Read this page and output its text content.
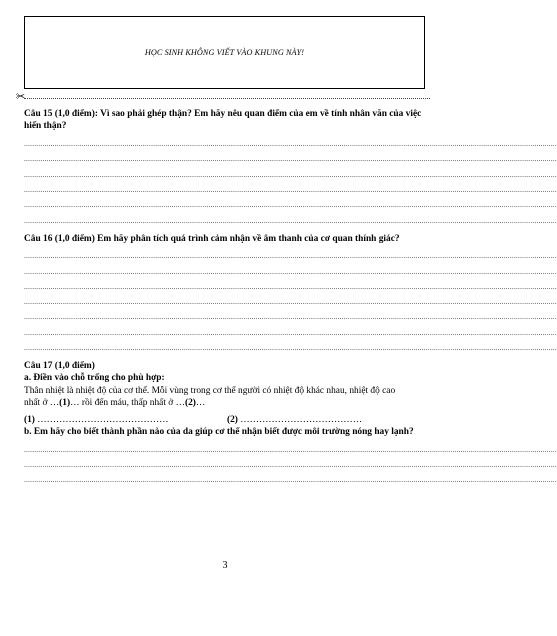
HỌC SINH KHÔNG VIẾT VÀO KHUNG NÀY!
✂

Câu 15 (1,0 điểm): Vì sao phải ghép thận? Em hãy nêu quan điểm của em về tính nhân văn của việc hiến thận?

....................................................................................................................................................................................................................................................................
....................................................................................................................................................................................................................................................................
....................................................................................................................................................................................................................................................................
....................................................................................................................................................................................................................................................................
....................................................................................................................................................................................................................................................................
....................................................................................................................................................................................................................................................................

Câu 16 (1,0 điểm) Em hãy phân tích quá trình cảm nhận về âm thanh của cơ quan thính giác?

....................................................................................................................................................................................................................................................................
....................................................................................................................................................................................................................................................................
....................................................................................................................................................................................................................................................................
....................................................................................................................................................................................................................................................................
....................................................................................................................................................................................................................................................................
....................................................................................................................................................................................................................................................................
....................................................................................................................................................................................................................................................................

Câu 17 (1,0 điểm)

a. Điền vào chỗ trống cho phù hợp:

Thân nhiệt là nhiệt độ của cơ thể. Mỗi vùng trong cơ thể người có nhiệt độ khác nhau, nhiệt độ cao

nhất ở …(1)… rồi đến máu, thấp nhất ở …(2)…

(1) ……………………………………	(2) …………………………………

b. Em hãy cho biết thành phần nào của da giúp cơ thể nhận biết được môi trường nóng hay lạnh?

....................................................................................................................................................................................................................................................................
....................................................................................................................................................................................................................................................................
....................................................................................................................................................................................................................................................................
3
